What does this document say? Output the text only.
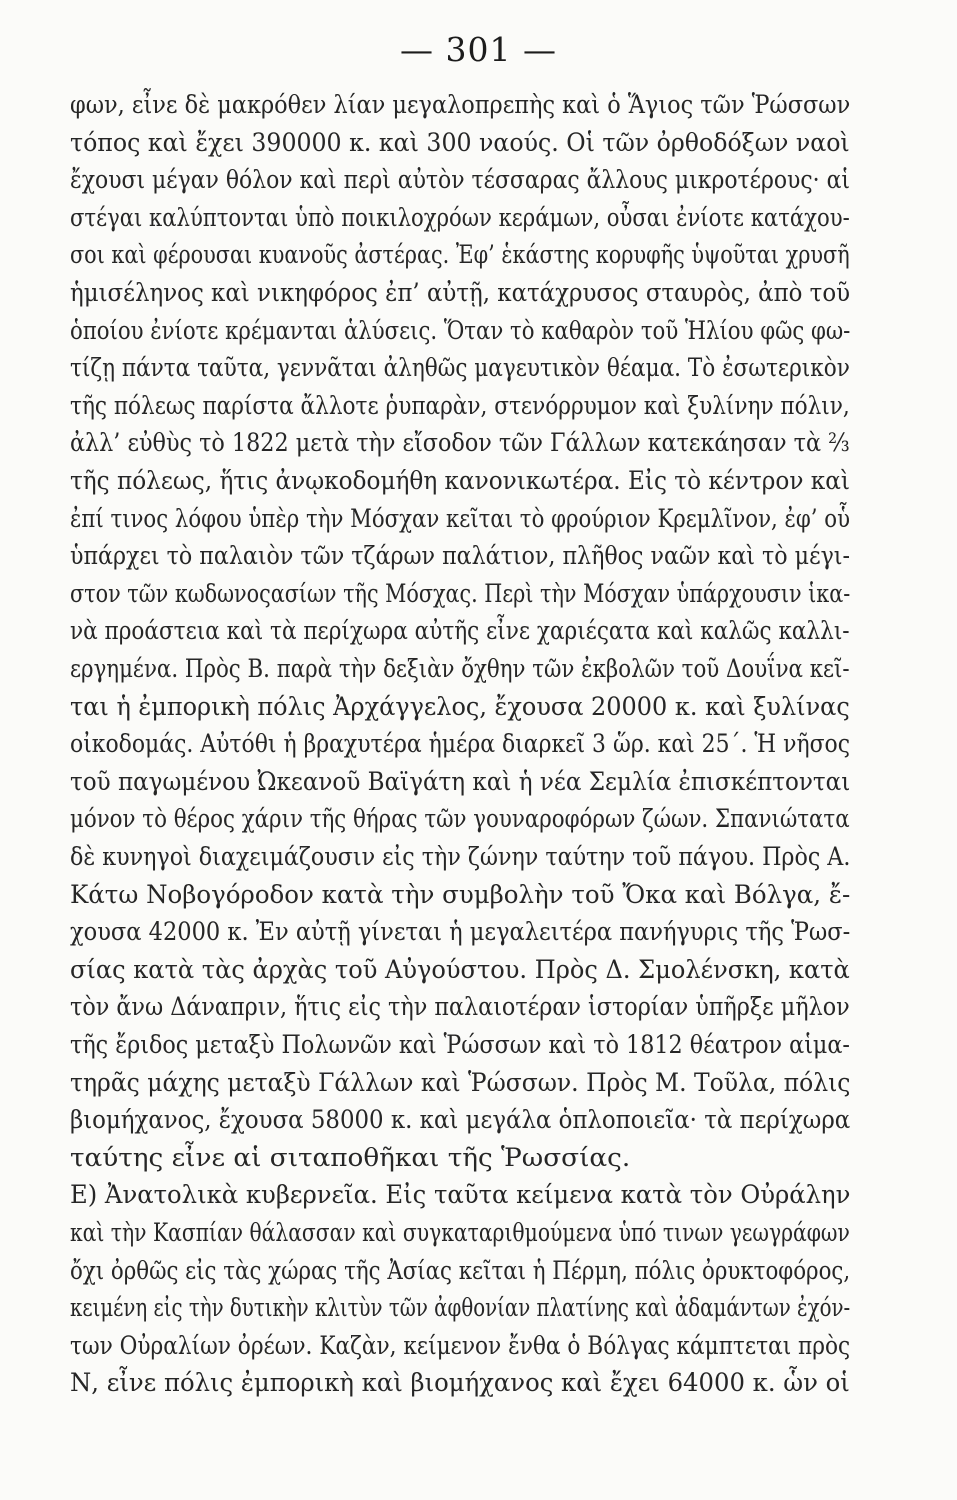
— 301 —
φων, εἶνε δὲ μακρόθεν λίαν μεγαλοπρεπὴς καὶ ὁ Ἅγιος τῶν Ῥώσσων
τόπος καὶ ἔχει 390000 κ. καὶ 300 ναούς. Οἱ τῶν ὀρθοδόξων ναοὶ
ἔχουσι μέγαν θόλον καὶ περὶ αὐτὸν τέσσαρας ἄλλους μικροτέρους· αἱ
στέγαι καλύπτονται ὑπὸ ποικιλοχρόων κεράμων, οὖσαι ἐνίοτε κατάχου-
σοι καὶ φέρουσαι κυανοῦς ἀστέρας. Ἐφ’ ἑκάστης κορυφῆς ὑψοῦται χρυσῆ
ἡμισέληνος καὶ νικηφόρος ἐπ’ αὐτῇ, κατάχρυσος σταυρὸς, ἀπὸ τοῦ
ὁποίου ἐνίοτε κρέμανται ἁλύσεις. Ὅταν τὸ καθαρὸν τοῦ Ἡλίου φῶς φω-
τίζῃ πάντα ταῦτα, γεννᾶται ἀληθῶς μαγευτικὸν θέαμα. Τὸ ἐσωτερικὸν
τῆς πόλεως παρίστα ἄλλοτε ῥυπαρὰν, στενόρρυμον καὶ ξυλίνην πόλιν,
ἀλλ’ εὐθὺς τὸ 1822 μετὰ τὴν εἴσοδον τῶν Γάλλων κατεκάησαν τὰ ⅔
τῆς πόλεως, ἥτις ἀνῳκοδομήθη κανονικωτέρα. Εἰς τὸ κέντρον καὶ
ἐπί τινος λόφου ὑπὲρ τὴν Μόσχαν κεῖται τὸ φρούριον Κρεμλῖνον, ἐφ’ οὗ
ὑπάρχει τὸ παλαιὸν τῶν τζάρων παλάτιον, πλῆθος ναῶν καὶ τὸ μέγι-
στον τῶν κωδωνοςασίων τῆς Μόσχας. Περὶ τὴν Μόσχαν ὑπάρχουσιν ἱκα-
νὰ προάστεια καὶ τὰ περίχωρα αὐτῆς εἶνε χαριέςατα καὶ καλῶς καλλι-
εργημένα. Πρὸς Β. παρὰ τὴν δεξιὰν ὄχθην τῶν ἐκβολῶν τοῦ Δουΐνα κεῖ-
ται ἡ ἐμπορικὴ πόλις Ἀρχάγγελος, ἔχουσα 20000 κ. καὶ ξυλίνας
οἰκοδομάς. Αὐτόθι ἡ βραχυτέρα ἡμέρα διαρκεῖ 3 ὥρ. καὶ 25΄. Ἡ νῆσος
τοῦ παγωμένου Ὠκεανοῦ Βαϊγάτη καὶ ἡ νέα Σεμλία ἐπισκέπτονται
μόνον τὸ θέρος χάριν τῆς θήρας τῶν γουναροφόρων ζώων. Σπανιώτατα
δὲ κυνηγοὶ διαχειμάζουσιν εἰς τὴν ζώνην ταύτην τοῦ πάγου. Πρὸς Α.
Κάτω Νοβογόροδον κατὰ τὴν συμβολὴν τοῦ Ὄκα καὶ Βόλγα, ἔ-
χουσα 42000 κ. Ἐν αὐτῇ γίνεται ἡ μεγαλειτέρα πανήγυρις τῆς Ῥωσ-
σίας κατὰ τὰς ἀρχὰς τοῦ Αὐγούστου. Πρὸς Δ. Σμολένσκη, κατὰ
τὸν ἄνω Δάναπριν, ἥτις εἰς τὴν παλαιοτέραν ἱστορίαν ὑπῆρξε μῆλον
τῆς ἔριδος μεταξὺ Πολωνῶν καὶ Ῥώσσων καὶ τὸ 1812 θέατρον αἱμα-
τηρᾶς μάχης μεταξὺ Γάλλων καὶ Ῥώσσων. Πρὸς Μ. Τοῦλα, πόλις
βιομήχανος, ἔχουσα 58000 κ. καὶ μεγάλα ὁπλοποιεῖα· τὰ περίχωρα
ταύτης εἶνε αἱ σιταποθῆκαι τῆς Ῥωσσίας.
Ε) Ἀνατολικὰ κυβερνεῖα. Εἰς ταῦτα κείμενα κατὰ τὸν Οὐράλην
καὶ τὴν Κασπίαν θάλασσαν καὶ συγκαταριθμούμενα ὑπό τινων γεωγράφων
ὄχι ὀρθῶς εἰς τὰς χώρας τῆς Ἀσίας κεῖται ἡ Πέρμη, πόλις ὀρυκτοφόρος,
κειμένη εἰς τὴν δυτικὴν κλιτὺν τῶν ἀφθονίαν πλατίνης καὶ ἀδαμάντων ἐχόν-
των Οὐραλίων ὀρέων. Καζὰν, κείμενον ἔνθα ὁ Βόλγας κάμπτεται πρὸς
Ν, εἶνε πόλις ἐμπορικὴ καὶ βιομήχανος καὶ ἔχει 64000 κ. ὧν οἱ
